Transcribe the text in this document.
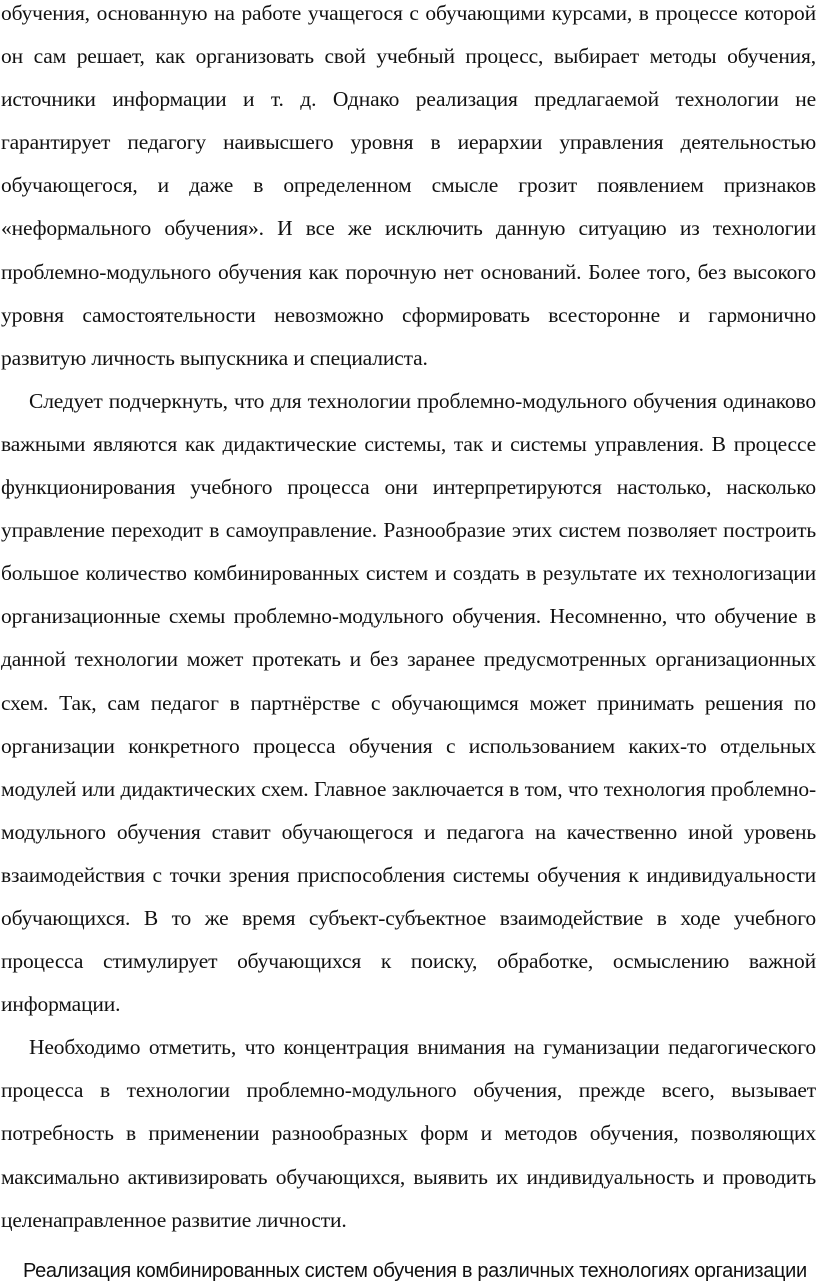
обучения, основанную на работе учащегося с обучающими курсами, в процессе которой он сам решает, как организовать свой учебный процесс, выбирает методы обучения, источники информации и т. д. Однако реализация предлагаемой технологии не гарантирует педагогу наивысшего уровня в иерархии управления деятельностью обучающегося, и даже в определенном смысле грозит появлением признаков «неформального обучения». И все же исключить данную ситуацию из технологии проблемно-модульного обучения как порочную нет оснований. Более того, без высокого уровня самостоятельности невозможно сформировать всесторонне и гармонично развитую личность выпускника и специалиста.

Следует подчеркнуть, что для технологии проблемно-модульного обучения одинаково важными являются как дидактические системы, так и системы управления. В процессе функционирования учебного процесса они интерпретируются настолько, насколько управление переходит в самоуправление. Разнообразие этих систем позволяет построить большое количество комбинированных систем и создать в результате их технологизации организационные схемы проблемно-модульного обучения. Несомненно, что обучение в данной технологии может протекать и без заранее предусмотренных организационных схем. Так, сам педагог в партнёрстве с обучающимся может принимать решения по организации конкретного процесса обучения с использованием каких-то отдельных модулей или дидактических схем. Главное заключается в том, что технология проблемно-модульного обучения ставит обучающегося и педагога на качественно иной уровень взаимодействия с точки зрения приспособления системы обучения к индивидуальности обучающихся. В то же время субъект-субъектное взаимодействие в ходе учебного процесса стимулирует обучающихся к поиску, обработке, осмыслению важной информации.

Необходимо отметить, что концентрация внимания на гуманизации педагогического процесса в технологии проблемно-модульного обучения, прежде всего, вызывает потребность в применении разнообразных форм и методов обучения, позволяющих максимально активизировать обучающихся, выявить их индивидуальность и проводить целенаправленное развитие личности.

Реализация комбинированных систем обучения в различных технологиях организации
